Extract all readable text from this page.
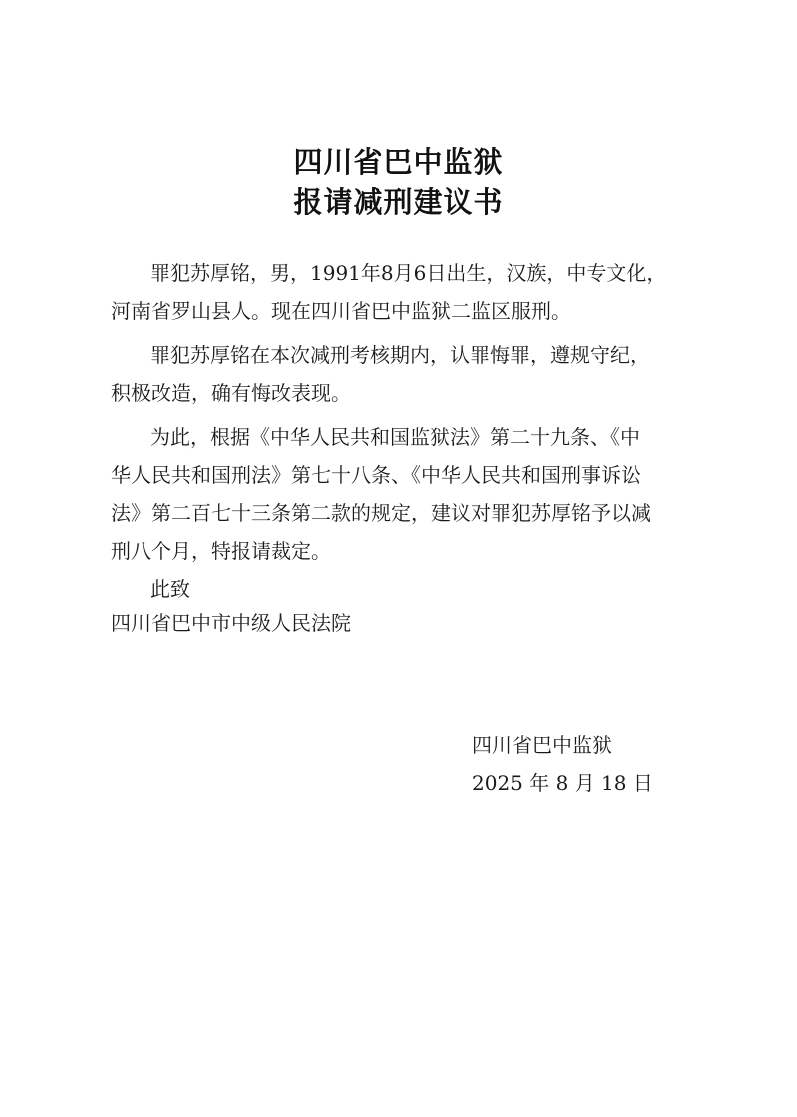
四川省巴中监狱
报请减刑建议书
罪犯苏厚铭，男，1991年8月6日出生，汉族，中专文化，
河南省罗山县人。现在四川省巴中监狱二监区服刑。
罪犯苏厚铭在本次减刑考核期内，认罪悔罪，遵规守纪，
积极改造，确有悔改表现。
为此，根据《中华人民共和国监狱法》第二十九条、《中
华人民共和国刑法》第七十八条、《中华人民共和国刑事诉讼
法》第二百七十三条第二款的规定，建议对罪犯苏厚铭予以减
刑八个月，特报请裁定。
此致
四川省巴中市中级人民法院
四川省巴中监狱
2025 年 8 月 18 日
